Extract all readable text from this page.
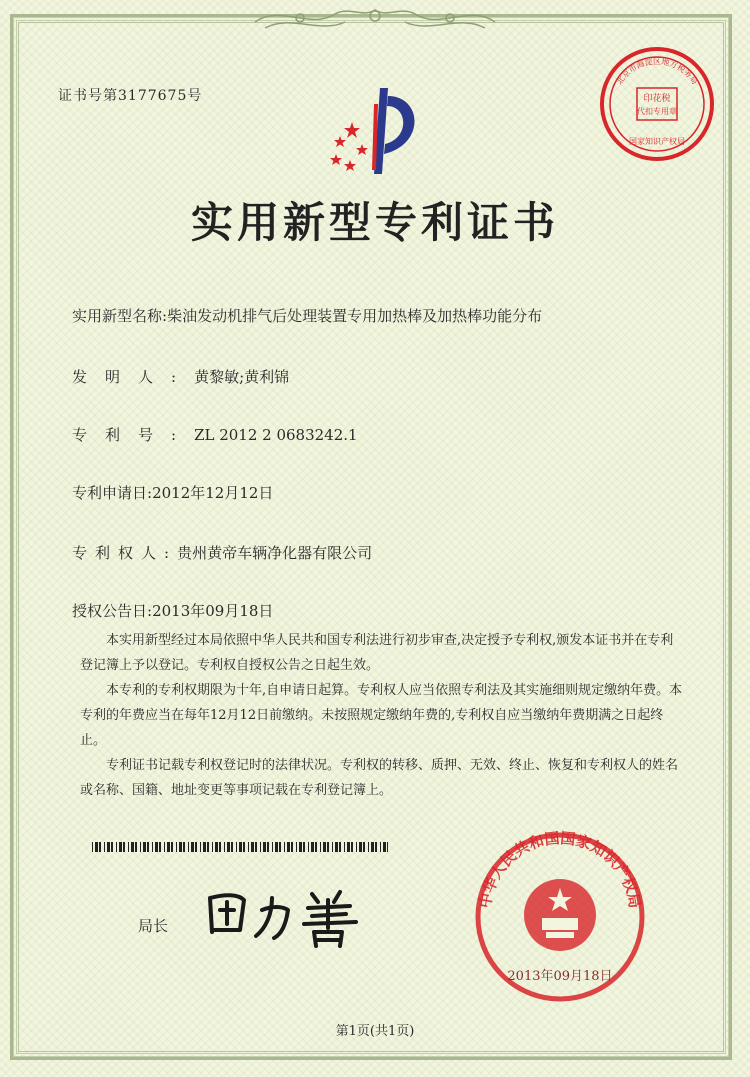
证书号第3177675号	印花税
代扣专用章
北京市海淀区地方税务局
国家知识产权局
实用新型专利证书
实用新型名称:柴油发动机排气后处理装置专用加热棒及加热棒功能分布
发明人:黄黎敏;黄利锦
专利号:ZL 2012 2 0683242.1
专利申请日:2012年12月12日
专利权人:贵州黄帝车辆净化器有限公司
授权公告日:2013年09月18日
本实用新型经过本局依照中华人民共和国专利法进行初步审查,决定授予专利权,颁发本证书并在专利登记簿上予以登记。专利权自授权公告之日起生效。
本专利的专利权期限为十年,自申请日起算。专利权人应当依照专利法及其实施细则规定缴纳年费。本专利的年费应当在每年12月12日前缴纳。未按照规定缴纳年费的,专利权自应当缴纳年费期满之日起终止。
专利证书记载专利权登记时的法律状况。专利权的转移、质押、无效、终止、恢复和专利权人的姓名或名称、国籍、地址变更等事项记载在专利登记簿上。
局长
中华人民共和国国家知识产权局
2013年09月18日
第1页(共1页)
